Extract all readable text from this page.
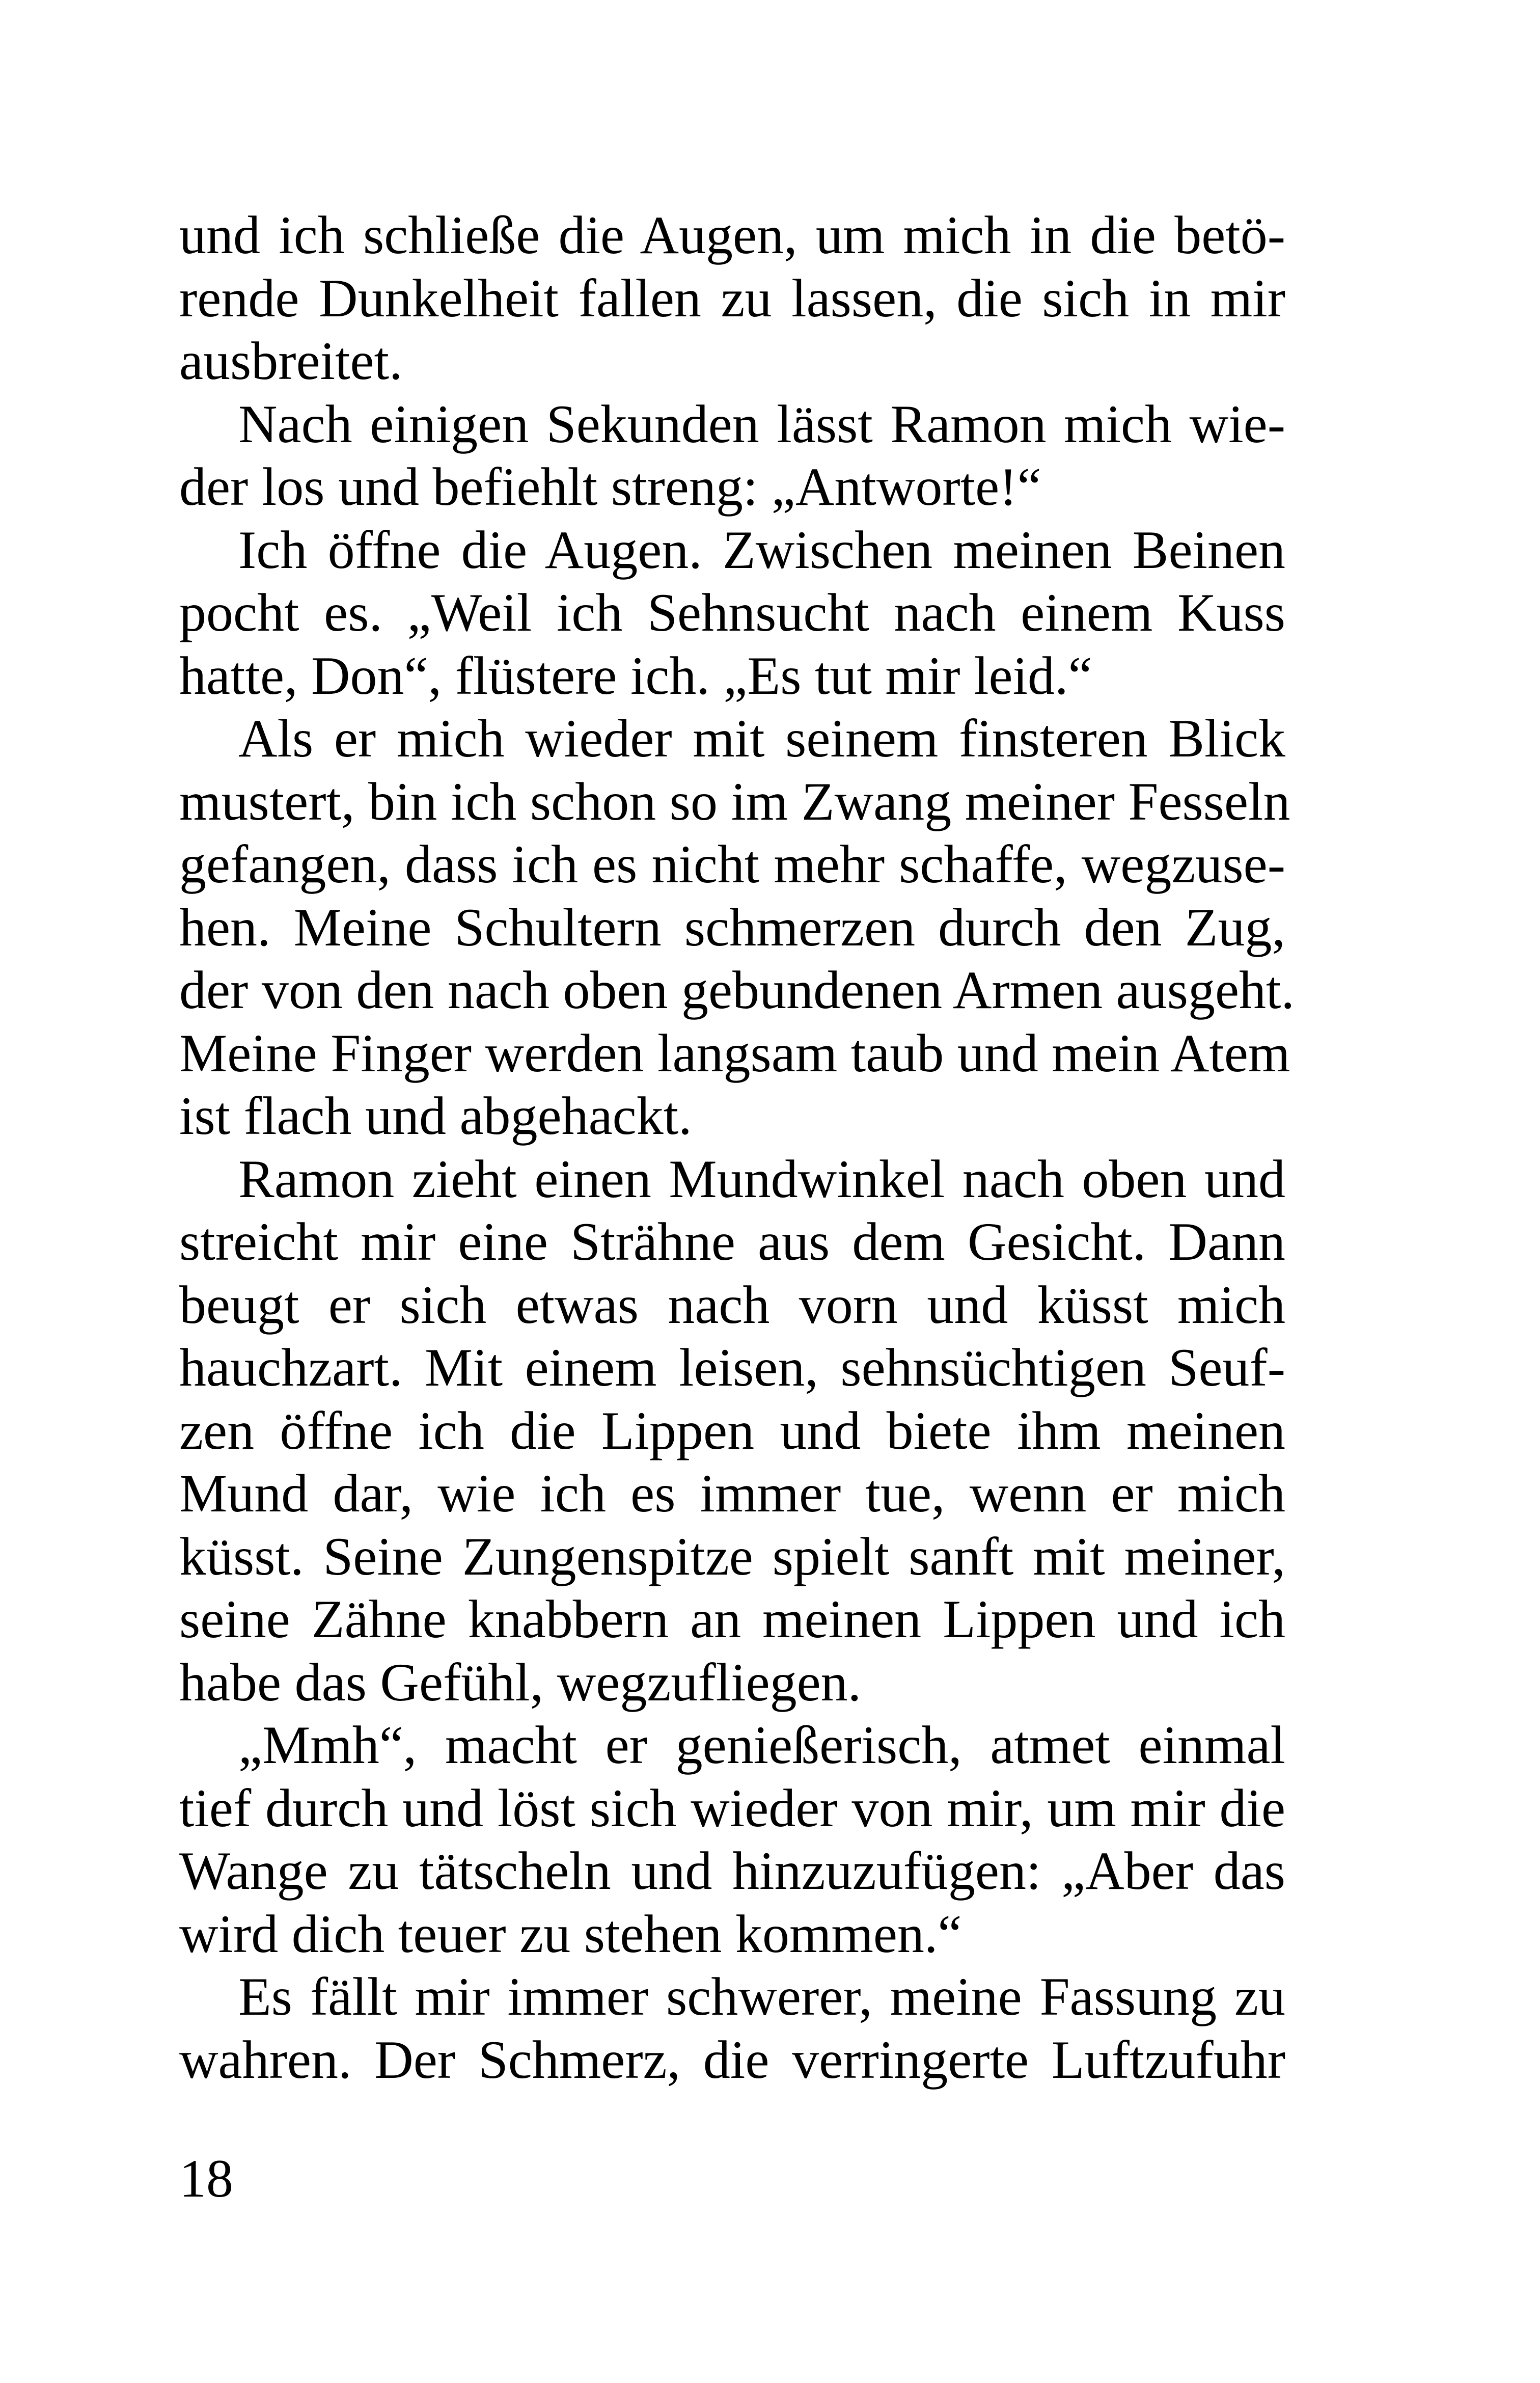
und ich schließe die Augen, um mich in die betö-
rende Dunkelheit fallen zu lassen, die sich in mir
ausbreitet.
Nach einigen Sekunden lässt Ramon mich wie-
der los und befiehlt streng: „Antworte!“
Ich öffne die Augen. Zwischen meinen Beinen
pocht es. „Weil ich Sehnsucht nach einem Kuss
hatte, Don“, flüstere ich. „Es tut mir leid.“
Als er mich wieder mit seinem finsteren Blick
mustert, bin ich schon so im Zwang meiner Fesseln
gefangen, dass ich es nicht mehr schaffe, wegzuse-
hen. Meine Schultern schmerzen durch den Zug,
der von den nach oben gebundenen Armen ausgeht.
Meine Finger werden langsam taub und mein Atem
ist flach und abgehackt.
Ramon zieht einen Mundwinkel nach oben und
streicht mir eine Strähne aus dem Gesicht. Dann
beugt er sich etwas nach vorn und küsst mich
hauchzart. Mit einem leisen, sehnsüchtigen Seuf-
zen öffne ich die Lippen und biete ihm meinen
Mund dar, wie ich es immer tue, wenn er mich
küsst. Seine Zungenspitze spielt sanft mit meiner,
seine Zähne knabbern an meinen Lippen und ich
habe das Gefühl, wegzufliegen.
„Mmh“, macht er genießerisch, atmet einmal
tief durch und löst sich wieder von mir, um mir die
Wange zu tätscheln und hinzuzufügen: „Aber das
wird dich teuer zu stehen kommen.“
Es fällt mir immer schwerer, meine Fassung zu
wahren. Der Schmerz, die verringerte Luftzufuhr
18
